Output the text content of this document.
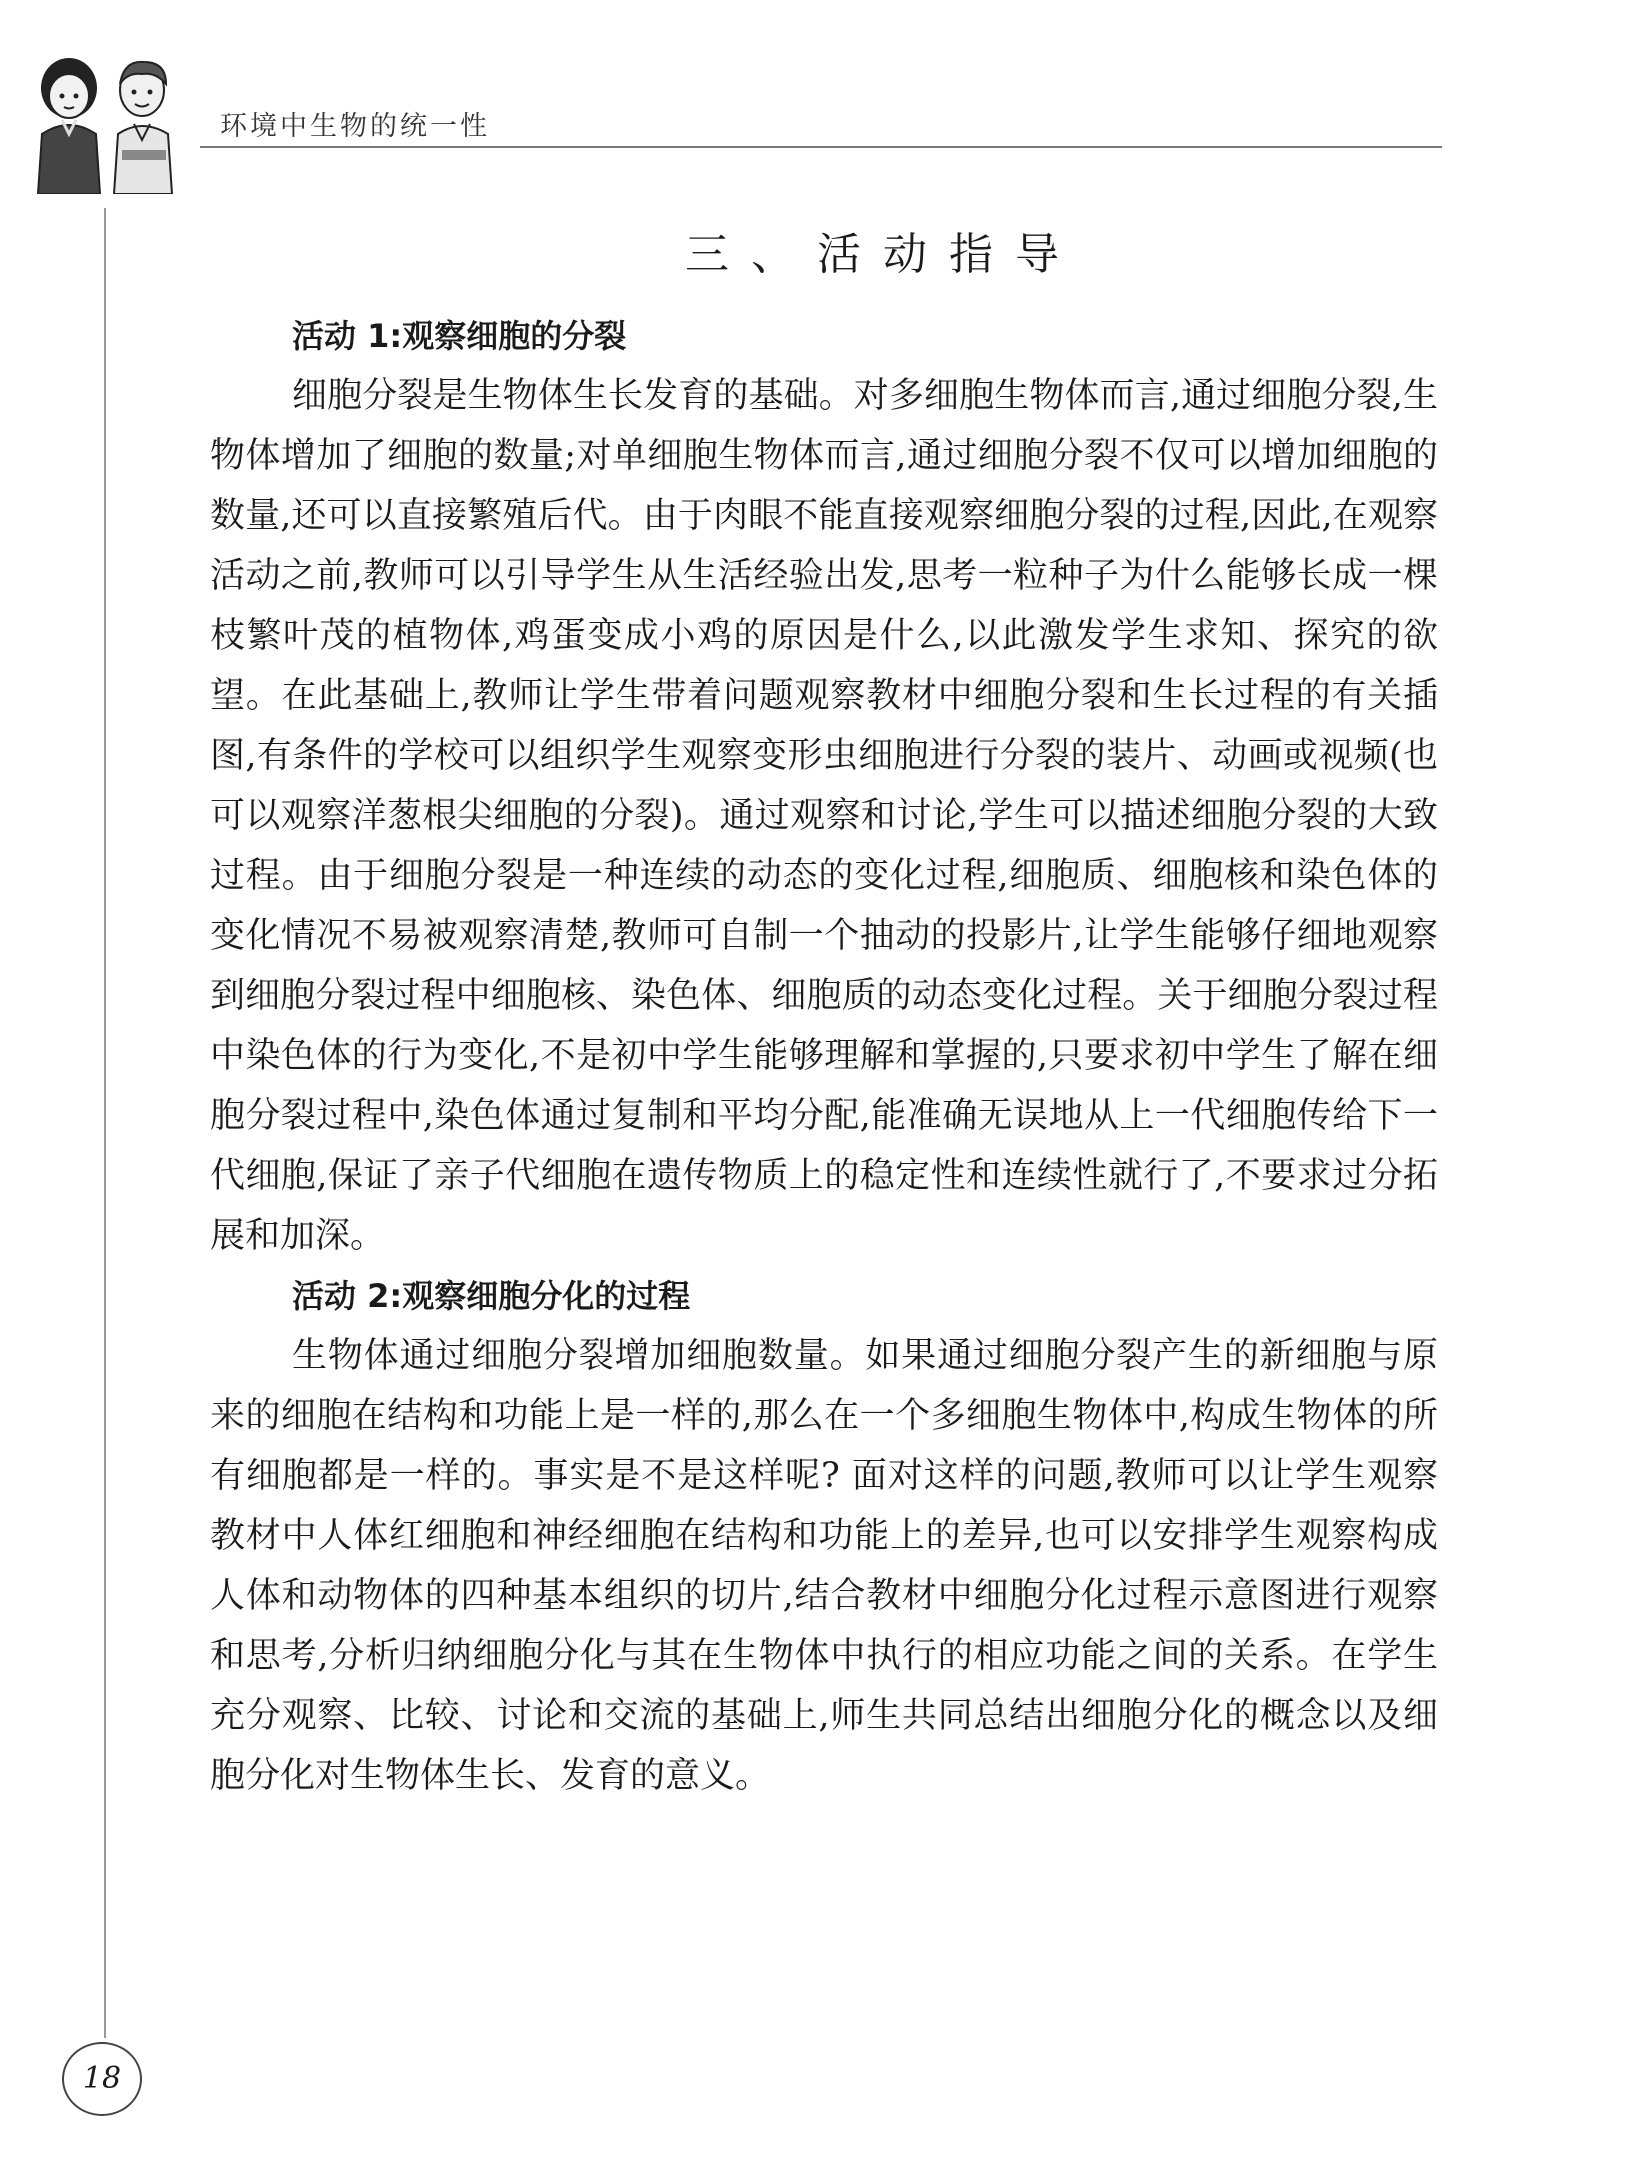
环境中生物的统一性
三、活动指导
活动 1:观察细胞的分裂

细胞分裂是生物体生长发育的基础。对多细胞生物体而言,通过细胞分裂,生物体增加了细胞的数量;对单细胞生物体而言,通过细胞分裂不仅可以增加细胞的数量,还可以直接繁殖后代。由于肉眼不能直接观察细胞分裂的过程,因此,在观察活动之前,教师可以引导学生从生活经验出发,思考一粒种子为什么能够长成一棵枝繁叶茂的植物体,鸡蛋变成小鸡的原因是什么,以此激发学生求知、探究的欲望。在此基础上,教师让学生带着问题观察教材中细胞分裂和生长过程的有关插图,有条件的学校可以组织学生观察变形虫细胞进行分裂的装片、动画或视频(也可以观察洋葱根尖细胞的分裂)。通过观察和讨论,学生可以描述细胞分裂的大致过程。由于细胞分裂是一种连续的动态的变化过程,细胞质、细胞核和染色体的变化情况不易被观察清楚,教师可自制一个抽动的投影片,让学生能够仔细地观察到细胞分裂过程中细胞核、染色体、细胞质的动态变化过程。关于细胞分裂过程中染色体的行为变化,不是初中学生能够理解和掌握的,只要求初中学生了解在细胞分裂过程中,染色体通过复制和平均分配,能准确无误地从上一代细胞传给下一代细胞,保证了亲子代细胞在遗传物质上的稳定性和连续性就行了,不要求过分拓展和加深。

活动 2:观察细胞分化的过程

生物体通过细胞分裂增加细胞数量。如果通过细胞分裂产生的新细胞与原来的细胞在结构和功能上是一样的,那么在一个多细胞生物体中,构成生物体的所有细胞都是一样的。事实是不是这样呢? 面对这样的问题,教师可以让学生观察教材中人体红细胞和神经细胞在结构和功能上的差异,也可以安排学生观察构成人体和动物体的四种基本组织的切片,结合教材中细胞分化过程示意图进行观察和思考,分析归纳细胞分化与其在生物体中执行的相应功能之间的关系。在学生充分观察、比较、讨论和交流的基础上,师生共同总结出细胞分化的概念以及细胞分化对生物体生长、发育的意义。

18
